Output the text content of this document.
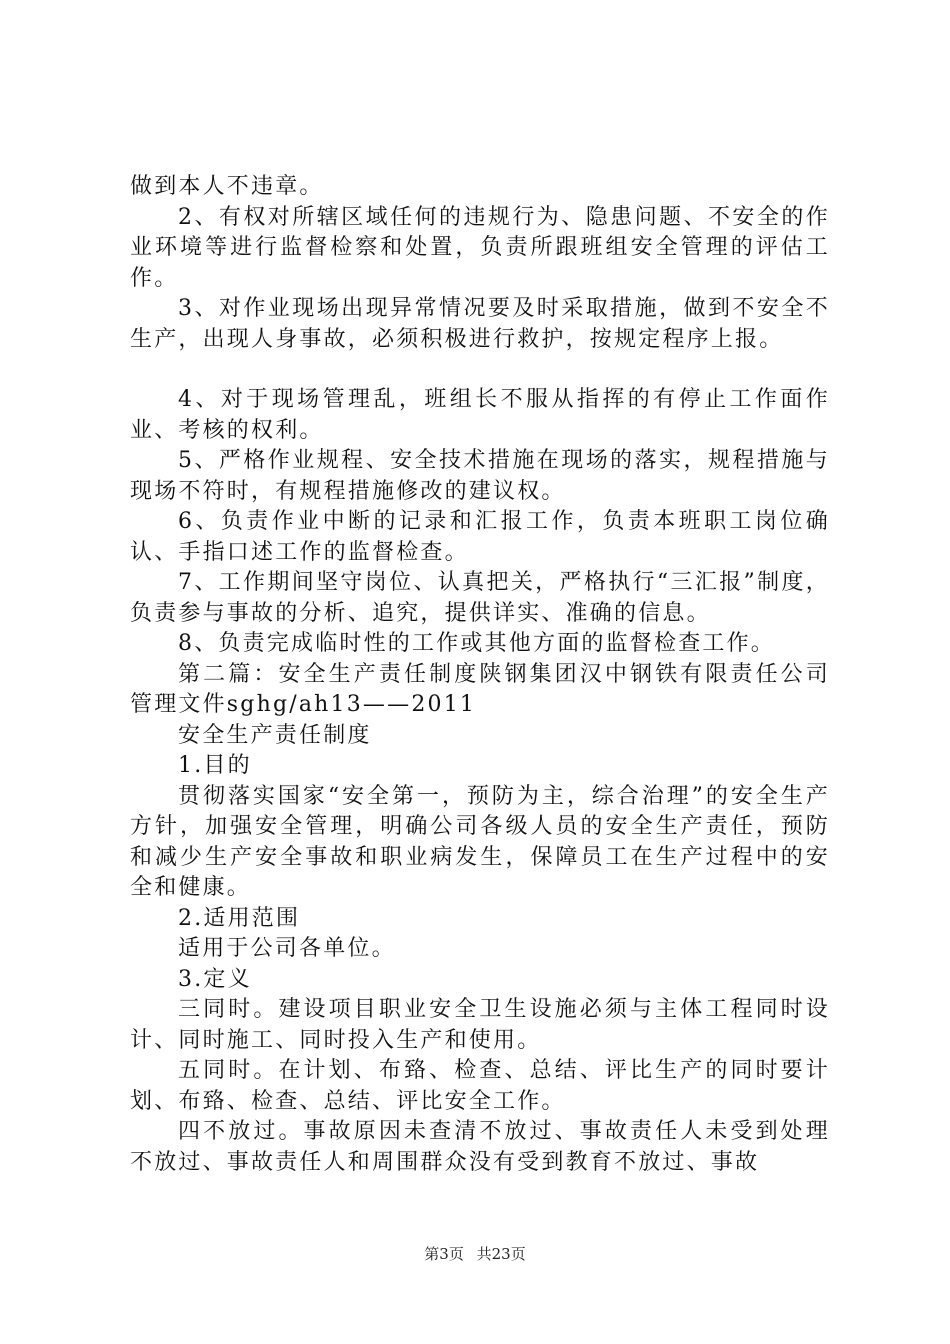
做到本人不违章。

2、有权对所辖区域任何的违规行为、隐患问题、不安全的作业环境等进行监督检察和处置，负责所跟班组安全管理的评估工作。

3、对作业现场出现异常情况要及时采取措施，做到不安全不生产，出现人身事故，必须积极进行救护，按规定程序上报。

4、对于现场管理乱，班组长不服从指挥的有停止工作面作业、考核的权利。

5、严格作业规程、安全技术措施在现场的落实，规程措施与现场不符时，有规程措施修改的建议权。

6、负责作业中断的记录和汇报工作，负责本班职工岗位确认、手指口述工作的监督检查。

7、工作期间坚守岗位、认真把关，严格执行“三汇报”制度，负责参与事故的分析、追究，提供详实、准确的信息。

8、负责完成临时性的工作或其他方面的监督检查工作。

第二篇：安全生产责任制度陕钢集团汉中钢铁有限责任公司管理文件sghg/ah13——2011

安全生产责任制度

1.目的

贯彻落实国家“安全第一，预防为主，综合治理”的安全生产方针，加强安全管理，明确公司各级人员的安全生产责任，预防和减少生产安全事故和职业病发生，保障员工在生产过程中的安全和健康。

2.适用范围

适用于公司各单位。

3.定义

三同时。建设项目职业安全卫生设施必须与主体工程同时设计、同时施工、同时投入生产和使用。

五同时。在计划、布臵、检查、总结、评比生产的同时要计划、布臵、检查、总结、评比安全工作。

四不放过。事故原因未查清不放过、事故责任人未受到处理不放过、事故责任人和周围群众没有受到教育不放过、事故

第3页 共23页
